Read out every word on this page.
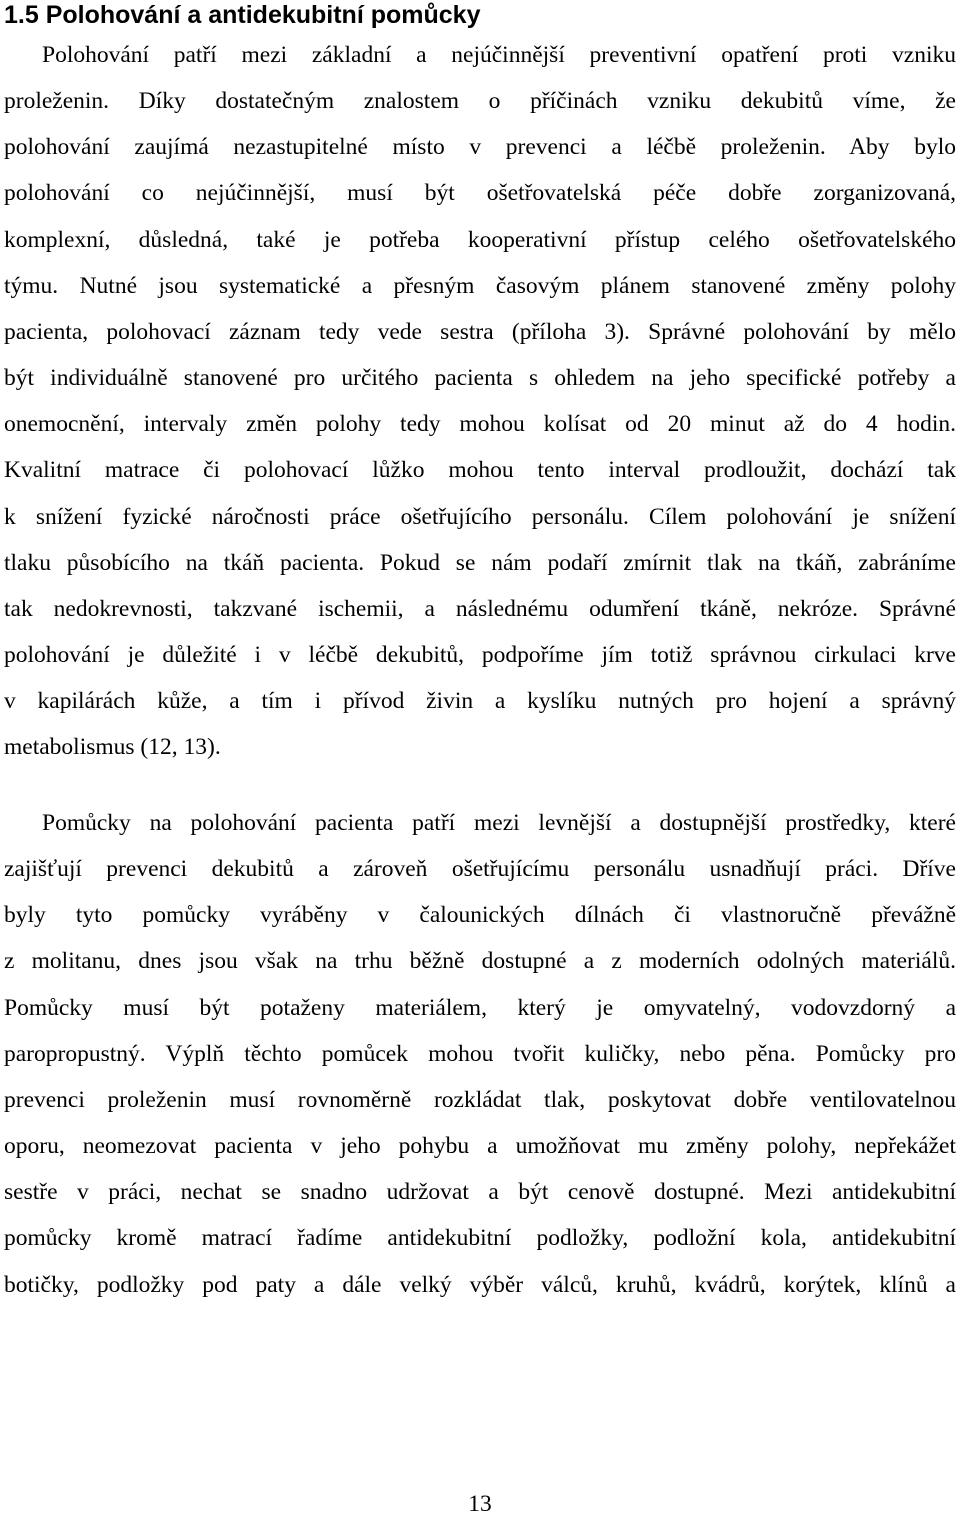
1.5 Polohování a antidekubitní pomůcky

Polohování patří mezi základní a nejúčinnější preventivní opatření proti vzniku
proleženin. Díky dostatečným znalostem o příčinách vzniku dekubitů víme, že
polohování zaujímá nezastupitelné místo v prevenci a léčbě proleženin. Aby bylo
polohování co nejúčinnější, musí být ošetřovatelská péče dobře zorganizovaná,
komplexní, důsledná, také je potřeba kooperativní přístup celého ošetřovatelského
týmu. Nutné jsou systematické a přesným časovým plánem stanovené změny polohy
pacienta, polohovací záznam tedy vede sestra (příloha 3). Správné polohování by mělo
být individuálně stanovené pro určitého pacienta s ohledem na jeho specifické potřeby a
onemocnění, intervaly změn polohy tedy mohou kolísat od 20 minut až do 4 hodin.
Kvalitní matrace či polohovací lůžko mohou tento interval prodloužit, dochází tak
k snížení fyzické náročnosti práce ošetřujícího personálu. Cílem polohování je snížení
tlaku působícího na tkáň pacienta. Pokud se nám podaří zmírnit tlak na tkáň, zabráníme
tak nedokrevnosti, takzvané ischemii, a následnému odumření tkáně, nekróze. Správné
polohování je důležité i v léčbě dekubitů, podpoříme jím totiž správnou cirkulaci krve
v kapilárách kůže, a tím i přívod živin a kyslíku nutných pro hojení a správný
metabolismus (12, 13).

Pomůcky na polohování pacienta patří mezi levnější a dostupnější prostředky, které
zajišťují prevenci dekubitů a zároveň ošetřujícímu personálu usnadňují práci. Dříve
byly tyto pomůcky vyráběny v čalounických dílnách či vlastnoručně převážně
z molitanu, dnes jsou však na trhu běžně dostupné a z moderních odolných materiálů.
Pomůcky musí být potaženy materiálem, který je omyvatelný, vodovzdorný a
paropropustný. Výplň těchto pomůcek mohou tvořit kuličky, nebo pěna. Pomůcky pro
prevenci proleženin musí rovnoměrně rozkládat tlak, poskytovat dobře ventilovatelnou
oporu, neomezovat pacienta v jeho pohybu a umožňovat mu změny polohy, nepřekážet
sestře v práci, nechat se snadno udržovat a být cenově dostupné. Mezi antidekubitní
pomůcky kromě matrací řadíme antidekubitní podložky, podložní kola, antidekubitní
botičky, podložky pod paty a dále velký výběr válců, kruhů, kvádrů, korýtek, klínů a

13
